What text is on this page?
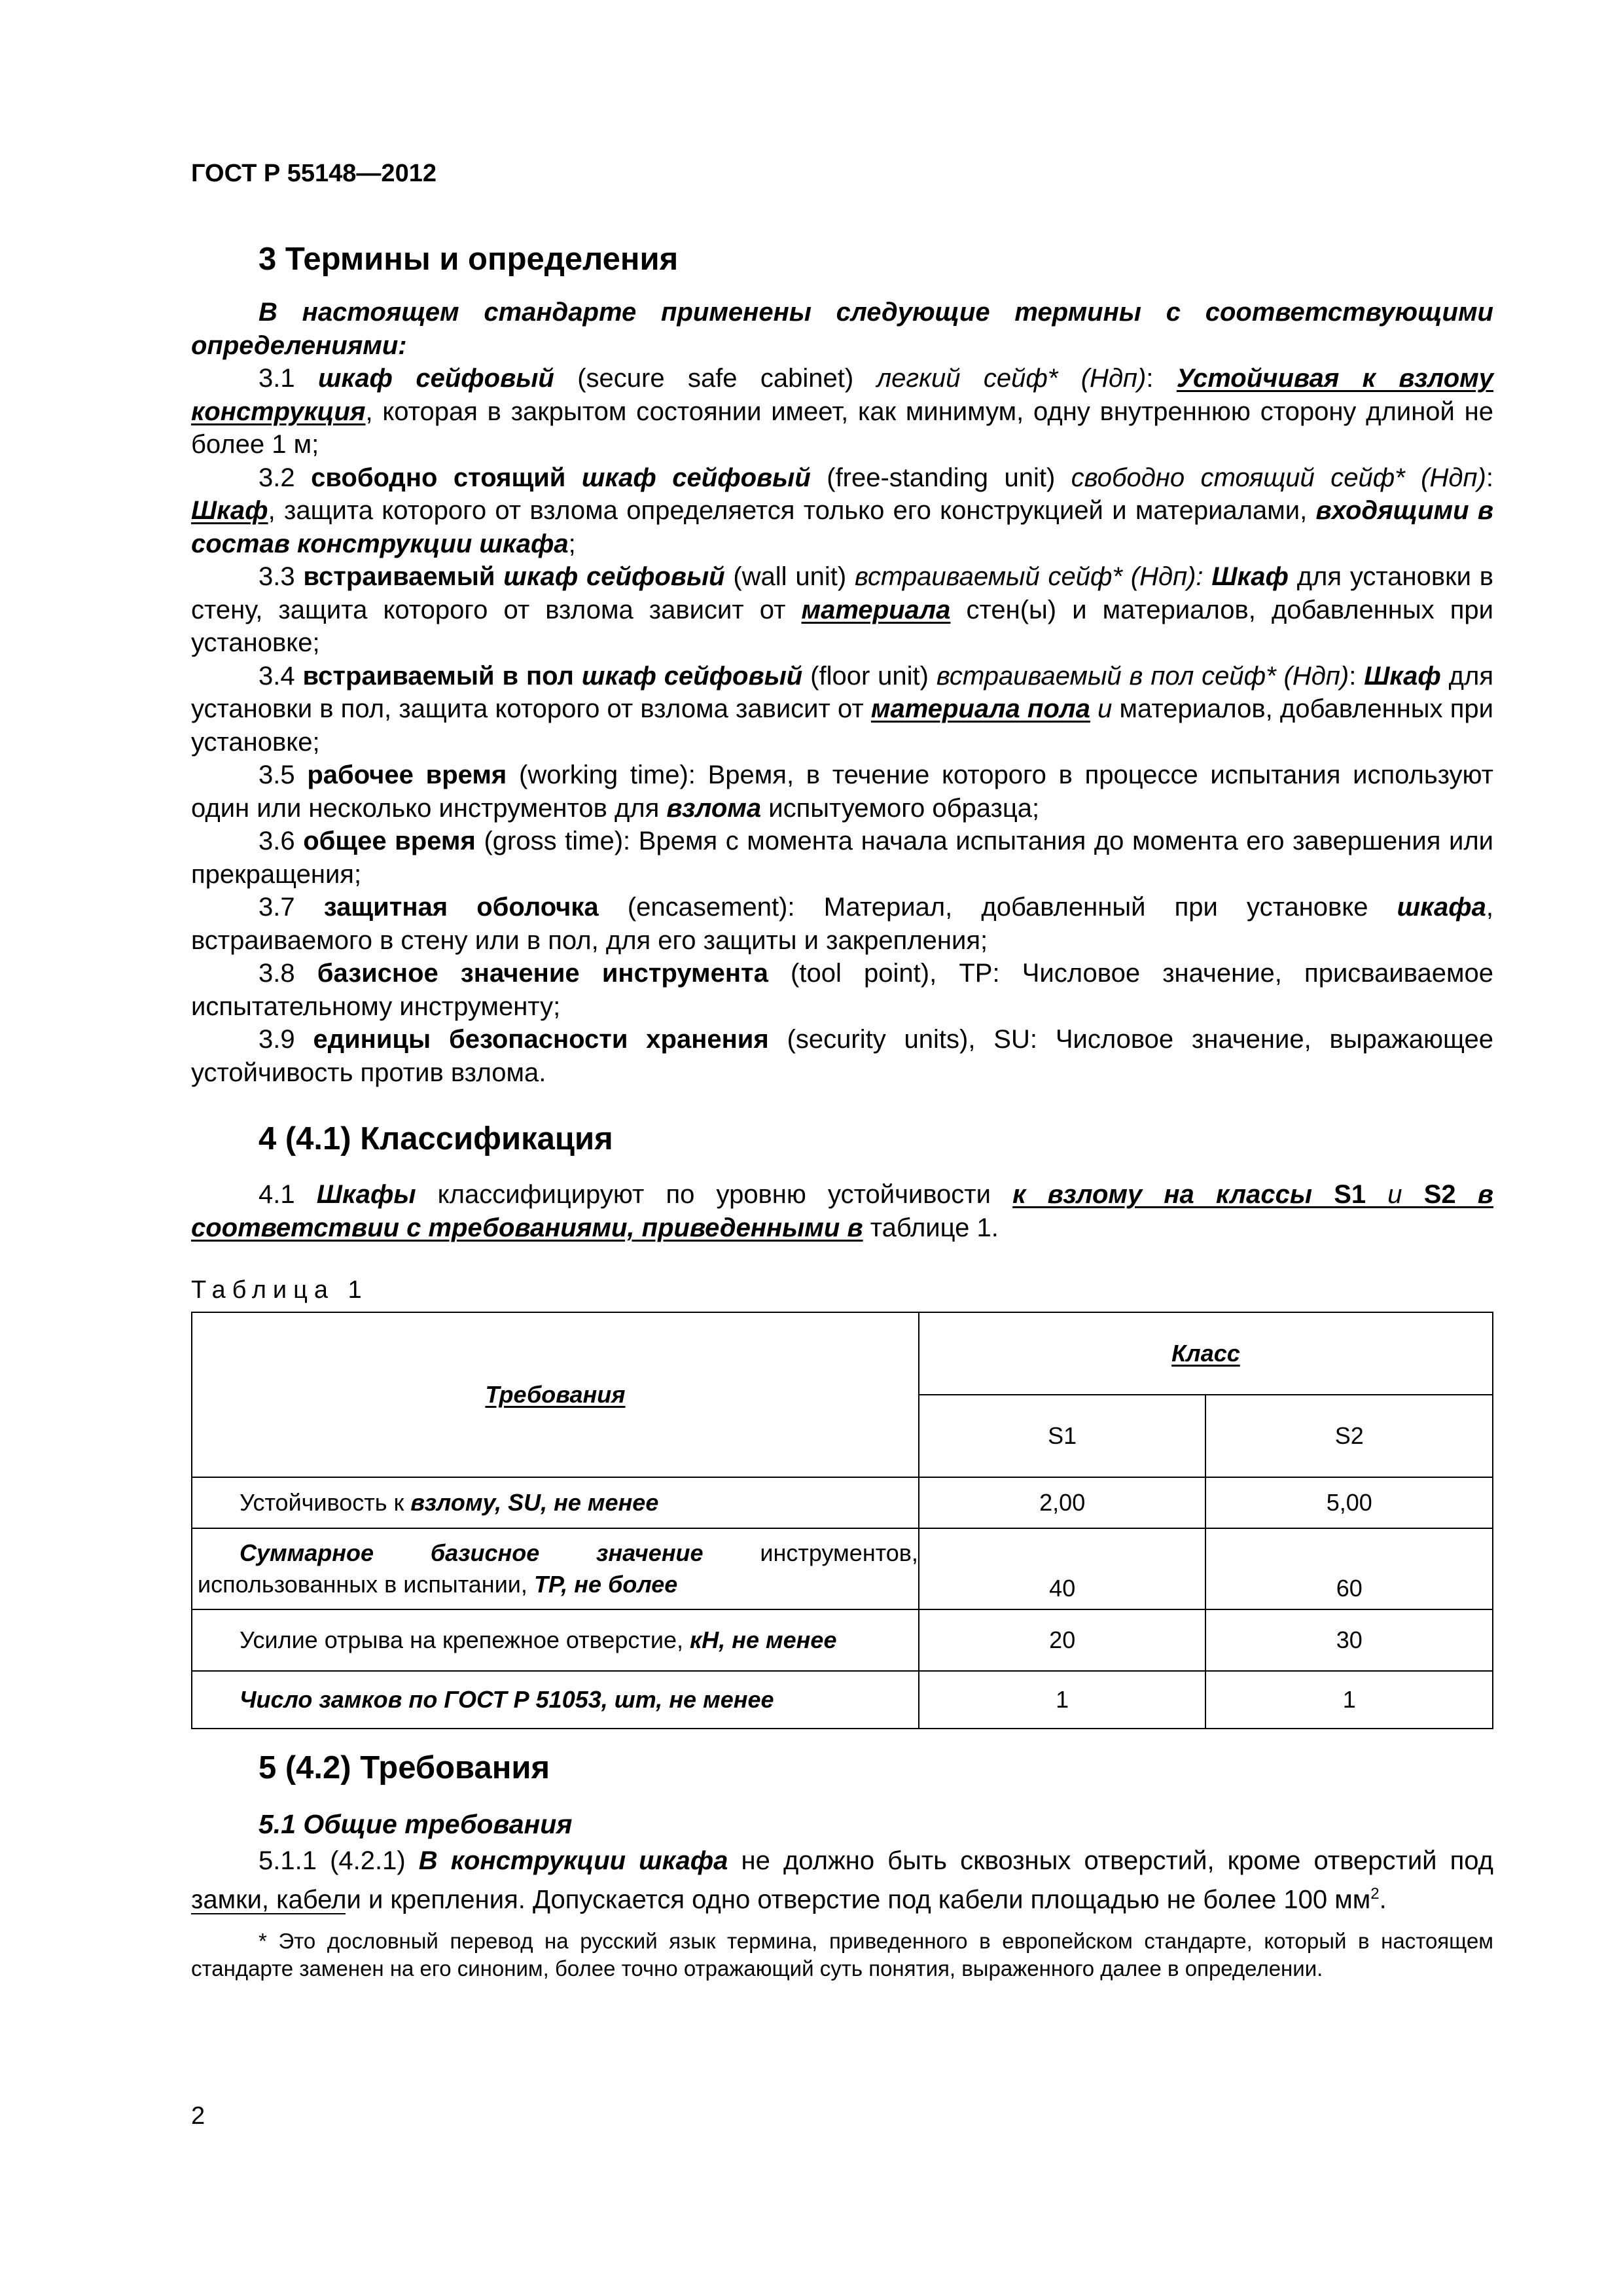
ГОСТ Р 55148—2012
3 Термины и определения

В настоящем стандарте применены следующие термины с соответствующими определениями:

3.1 шкаф сейфовый (secure safe cabinet) легкий сейф* (Ндп): Устойчивая к взлому конструкция, которая в закрытом состоянии имеет, как минимум, одну внутреннюю сторону длиной не более 1 м;

3.2 свободно стоящий шкаф сейфовый (free-standing unit) свободно стоящий сейф* (Ндп): Шкаф, защита которого от взлома определяется только его конструкцией и материалами, входящими в состав конструкции шкафа;

3.3 встраиваемый шкаф сейфовый (wall unit) встраиваемый сейф* (Ндп): Шкаф для установки в стену, защита которого от взлома зависит от материала стен(ы) и материалов, добавленных при установке;

3.4 встраиваемый в пол шкаф сейфовый (floor unit) встраиваемый в пол сейф* (Ндп): Шкаф для установки в пол, защита которого от взлома зависит от материала пола и материалов, добавленных при установке;

3.5 рабочее время (working time): Время, в течение которого в процессе испытания используют один или несколько инструментов для взлома испытуемого образца;

3.6 общее время (gross time): Время с момента начала испытания до момента его завершения или прекращения;

3.7 защитная оболочка (encasement): Материал, добавленный при установке шкафа, встраиваемого в стену или в пол, для его защиты и закрепления;

3.8 базисное значение инструмента (tool point), TP: Числовое значение, присваиваемое испытательному инструменту;

3.9 единицы безопасности хранения (security units), SU: Числовое значение, выражающее устойчивость против взлома.

4 (4.1) Классификация

4.1 Шкафы классифицируют по уровню устойчивости к взлому на классы S1 и S2 в соответствии с требованиями, приведенными в таблице 1.

Таблица 1
Требования	Класс	
	S1	S2
Устойчивость к взлому, SU, не менее	2,00	5,00
Суммарное базисное значение инструментов, использованных в испытании, TP, не более	40	60
Усилие отрыва на крепежное отверстие, кН, не менее	20	30
Число замков по ГОСТ Р 51053, шт, не менее	1	1
5 (4.2) Требования
5.1 Общие требования

5.1.1 (4.2.1) В конструкции шкафа не должно быть сквозных отверстий, кроме отверстий под замки, кабели и крепления. Допускается одно отверстие под кабели площадью не более 100 $мм^2$.

* Это дословный перевод на русский язык термина, приведенного в европейском стандарте, который в настоящем стандарте заменен на его синоним, более точно отражающий суть понятия, выраженного далее в определении.

2
